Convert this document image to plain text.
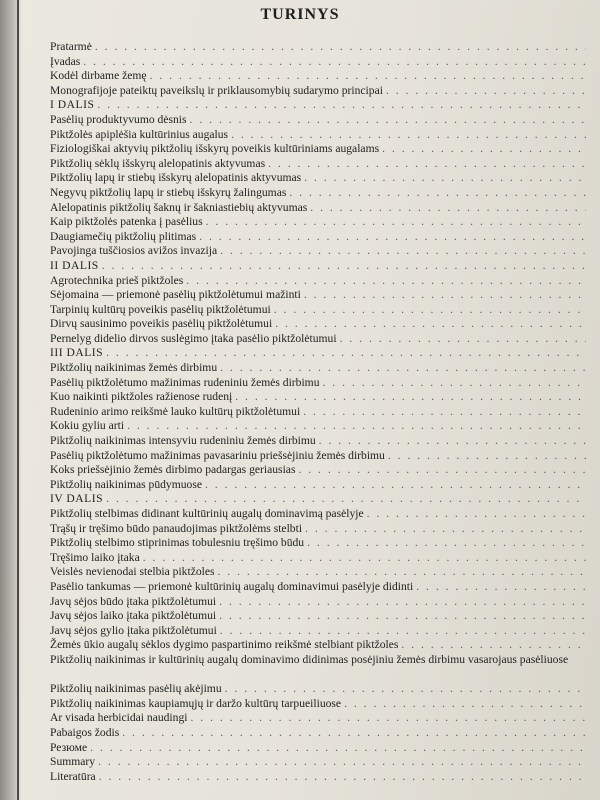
TURINYS
Pratarmė
. . .
Įvadas
. . .
Kodėl dirbame žemę
. . .
Monografijoje pateiktų paveikslų ir priklausomybių sudarymo principai
. . .
I DALIS
. . .
Pasėlių produktyvumo dėsnis
. . .
Piktžolės apiplėšia kultūrinius augalus
. . .
Fiziologiškai aktyvių piktžolių išskyrų poveikis kultūriniams augalams
. . .
Piktžolių sėklų išskyrų alelopatinis aktyvumas
. . .
Piktžolių lapų ir stiebų išskyrų alelopatinis aktyvumas
. . .
Negyvų piktžolių lapų ir stiebų išskyrų žalingumas
. . .
Alelopatinis piktžolių šaknų ir šakniastiebių aktyvumas
. . .
Kaip piktžolės patenka į pasėlius
. . .
Daugiamečių piktžolių plitimas
. . .
Pavojinga tuščiosios avižos invazija
. . .
II DALIS
. . .
Agrotechnika prieš piktžoles
. . .
Sėjomaina — priemonė pasėlių piktžolėtumui mažinti
. . .
Tarpinių kultūrų poveikis pasėlių piktžolėtumui
. . .
Dirvų sausinimo poveikis pasėlių piktžolėtumui
. . .
Pernelyg didelio dirvos suslėgimo įtaka pasėlio piktžolėtumui
. . .
III DALIS
. . .
Piktžolių naikinimas žemės dirbimu
. . .
Pasėlių piktžolėtumo mažinimas rudeniniu žemės dirbimu
. . .
Kuo naikinti piktžoles ražienose rudenį
. . .
Rudeninio arimo reikšmė lauko kultūrų piktžolėtumui
. . .
Kokiu gyliu arti
. . .
Piktžolių naikinimas intensyviu rudeniniu žemės dirbimu
. . .
Pasėlių piktžolėtumo mažinimas pavasariniu priešsėjiniu žemės dirbimu
. . .
Koks priešsėjinio žemės dirbimo padargas geriausias
. . .
Piktžolių naikinimas pūdymuose
. . .
IV DALIS
. . .
Piktžolių stelbimas didinant kultūrinių augalų dominavimą pasėlyje
. . .
Trąšų ir tręšimo būdo panaudojimas piktžolėms stelbti
. . .
Piktžolių stelbimo stiprinimas tobulesniu tręšimo būdu
. . .
Tręšimo laiko įtaka
. . .
Veislės nevienodai stelbia piktžoles
. . .
Pasėlio tankumas — priemonė kultūrinių augalų dominavimui pasėlyje didinti
. . .
Javų sėjos būdo įtaka piktžolėtumui
. . .
Javų sėjos laiko įtaka piktžolėtumui
. . .
Javų sėjos gylio įtaka piktžolėtumui
. . .
Žemės ūkio augalų sėklos dygimo paspartinimo reikšmė stelbiant piktžoles
. . .
Piktžolių naikinimas ir kultūrinių augalų dominavimo didinimas posėjiniu žemės dirbimu vasarojaus pasėliuose
Piktžolių naikinimas pasėlių akėjimu
. . .
Piktžolių naikinimas kaupiamųjų ir daržo kultūrų tarpueiliuose
. . .
Ar visada herbicidai naudingi
. . .
Pabaigos žodis
. . .
Резюме
. . .
Summary
. . .
Literatūra
. . .
